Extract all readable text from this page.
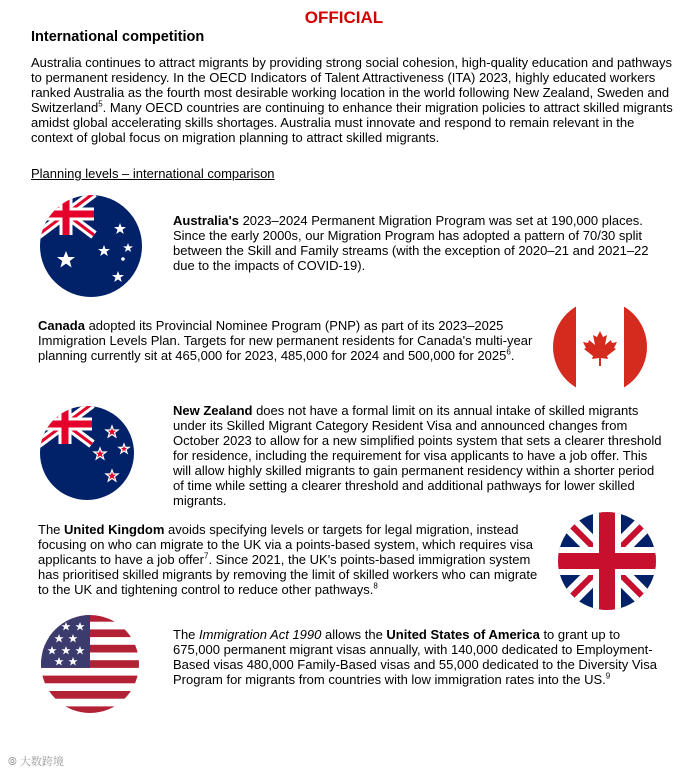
OFFICIAL
International competition
Australia continues to attract migrants by providing strong social cohesion, high-quality education and pathways to permanent residency. In the OECD Indicators of Talent Attractiveness (ITA) 2023, highly educated workers ranked Australia as the fourth most desirable working location in the world following New Zealand, Sweden and Switzerland$^5$. Many OECD countries are continuing to enhance their migration policies to attract skilled migrants amidst global accelerating skills shortages. Australia must innovate and respond to remain relevant in the context of global focus on migration planning to attract skilled migrants.
Planning levels – international comparison
Australia's 2023–2024 Permanent Migration Program was set at 190,000 places. Since the early 2000s, our Migration Program has adopted a pattern of 70/30 split between the Skill and Family streams (with the exception of 2020–21 and 2021–22 due to the impacts of COVID-19).
Canada adopted its Provincial Nominee Program (PNP) as part of its 2023–2025 Immigration Levels Plan. Targets for new permanent residents for Canada's multi-year planning currently sit at 465,000 for 2023, 485,000 for 2024 and 500,000 for 2025$^6$.
New Zealand does not have a formal limit on its annual intake of skilled migrants under its Skilled Migrant Category Resident Visa and announced changes from October 2023 to allow for a new simplified points system that sets a clearer threshold for residence, including the requirement for visa applicants to have a job offer. This will allow highly skilled migrants to gain permanent residency within a shorter period of time while setting a clearer threshold and additional pathways for lower skilled migrants.
The United Kingdom avoids specifying levels or targets for legal migration, instead focusing on who can migrate to the UK via a points-based system, which requires visa applicants to have a job offer$^7$. Since 2021, the UK's points-based immigration system has prioritised skilled migrants by removing the limit of skilled workers who can migrate to the UK and tightening control to reduce other pathways.$^8$
The Immigration Act 1990 allows the United States of America to grant up to 675,000 permanent migrant visas annually, with 140,000 dedicated to Employment-Based visas 480,000 Family-Based visas and 55,000 dedicated to the Diversity Visa Program for migrants from countries with low immigration rates into the US.$^9$
⦾ 大数跨境
